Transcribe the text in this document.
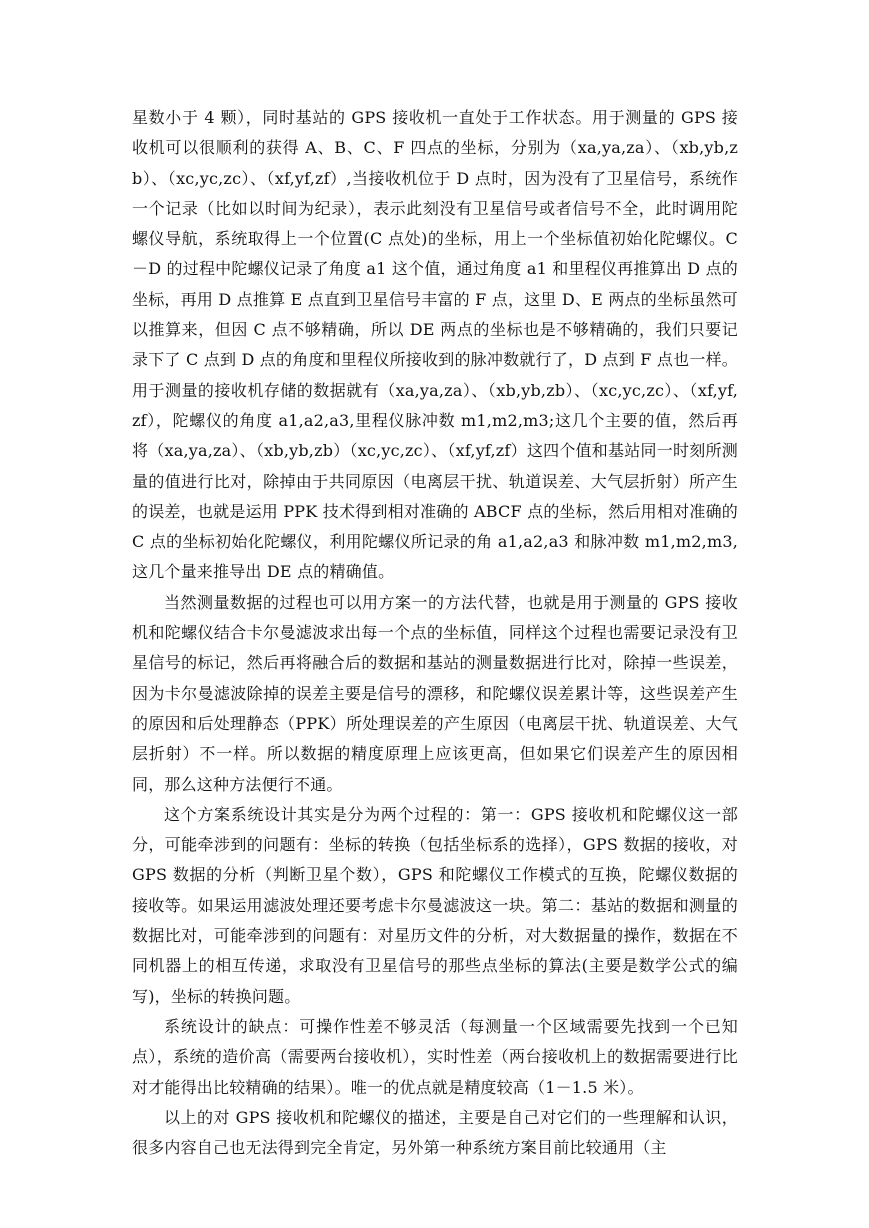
星数小于 4 颗），同时基站的 GPS 接收机一直处于工作状态。用于测量的 GPS 接收机可以很顺利的获得 A、B、C、F 四点的坐标，分别为（xa,ya,za）、（xb,yb,zb）、（xc,yc,zc）、（xf,yf,zf）,当接收机位于 D 点时，因为没有了卫星信号，系统作一个记录（比如以时间为纪录），表示此刻没有卫星信号或者信号不全，此时调用陀螺仪导航，系统取得上一个位置(C 点处)的坐标，用上一个坐标值初始化陀螺仪。C－D 的过程中陀螺仪记录了角度 a1 这个值，通过角度 a1 和里程仪再推算出 D 点的坐标，再用 D 点推算 E 点直到卫星信号丰富的 F 点，这里 D、E 两点的坐标虽然可以推算来，但因 C 点不够精确，所以 DE 两点的坐标也是不够精确的，我们只要记录下了 C 点到 D 点的角度和里程仪所接收到的脉冲数就行了，D 点到 F 点也一样。用于测量的接收机存储的数据就有（xa,ya,za）、（xb,yb,zb）、（xc,yc,zc）、（xf,yf,zf），陀螺仪的角度 a1,a2,a3,里程仪脉冲数 m1,m2,m3;这几个主要的值，然后再将（xa,ya,za）、（xb,yb,zb）（xc,yc,zc）、（xf,yf,zf）这四个值和基站同一时刻所测量的值进行比对，除掉由于共同原因（电离层干扰、轨道误差、大气层折射）所产生的误差，也就是运用 PPK 技术得到相对准确的 ABCF 点的坐标，然后用相对准确的 C 点的坐标初始化陀螺仪，利用陀螺仪所记录的角 a1,a2,a3 和脉冲数 m1,m2,m3,这几个量来推导出 DE 点的精确值。

当然测量数据的过程也可以用方案一的方法代替，也就是用于测量的 GPS 接收机和陀螺仪结合卡尔曼滤波求出每一个点的坐标值，同样这个过程也需要记录没有卫星信号的标记，然后再将融合后的数据和基站的测量数据进行比对，除掉一些误差，因为卡尔曼滤波除掉的误差主要是信号的漂移，和陀螺仪误差累计等，这些误差产生的原因和后处理静态（PPK）所处理误差的产生原因（电离层干扰、轨道误差、大气层折射）不一样。所以数据的精度原理上应该更高，但如果它们误差产生的原因相同，那么这种方法便行不通。

这个方案系统设计其实是分为两个过程的：第一：GPS 接收机和陀螺仪这一部分，可能牵涉到的问题有：坐标的转换（包括坐标系的选择），GPS 数据的接收，对 GPS 数据的分析（判断卫星个数），GPS 和陀螺仪工作模式的互换，陀螺仪数据的接收等。如果运用滤波处理还要考虑卡尔曼滤波这一块。第二：基站的数据和测量的数据比对，可能牵涉到的问题有：对星历文件的分析，对大数据量的操作，数据在不同机器上的相互传递，求取没有卫星信号的那些点坐标的算法(主要是数学公式的编写)，坐标的转换问题。

系统设计的缺点：可操作性差不够灵活（每测量一个区域需要先找到一个已知点），系统的造价高（需要两台接收机），实时性差（两台接收机上的数据需要进行比对才能得出比较精确的结果）。唯一的优点就是精度较高（1－1.5 米）。

以上的对 GPS 接收机和陀螺仪的描述，主要是自己对它们的一些理解和认识，很多内容自己也无法得到完全肯定，另外第一种系统方案目前比较通用（主
